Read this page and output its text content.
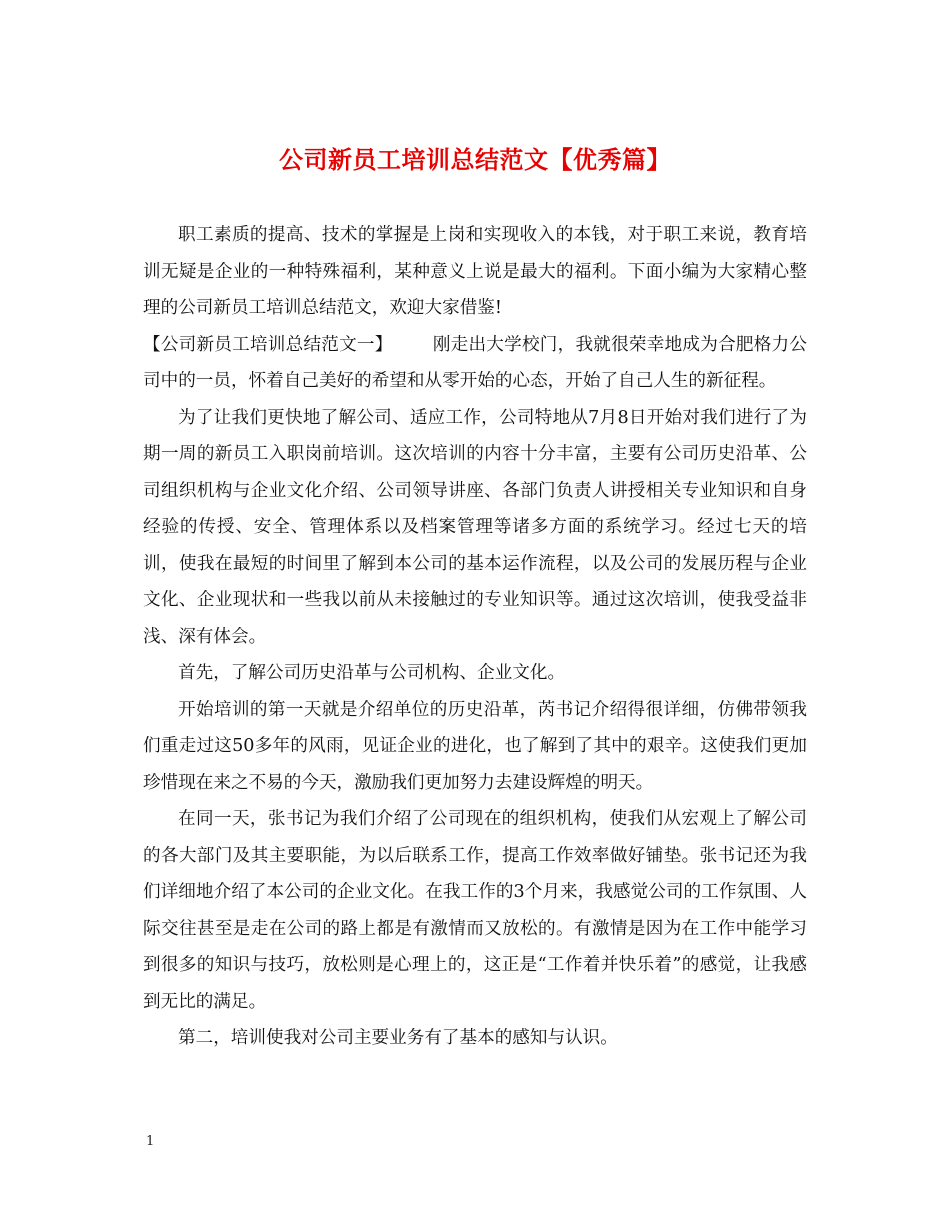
公司新员工培训总结范文【优秀篇】

职工素质的提高、技术的掌握是上岗和实现收入的本钱，对于职工来说，教育培训无疑是企业的一种特殊福利，某种意义上说是最大的福利。下面小编为大家精心整理的公司新员工培训总结范文，欢迎大家借鉴!

【公司新员工培训总结范文一】 刚走出大学校门，我就很荣幸地成为合肥格力公司中的一员，怀着自己美好的希望和从零开始的心态，开始了自己人生的新征程。

为了让我们更快地了解公司、适应工作，公司特地从7月8日开始对我们进行了为期一周的新员工入职岗前培训。这次培训的内容十分丰富，主要有公司历史沿革、公司组织机构与企业文化介绍、公司领导讲座、各部门负责人讲授相关专业知识和自身经验的传授、安全、管理体系以及档案管理等诸多方面的系统学习。经过七天的培训，使我在最短的时间里了解到本公司的基本运作流程，以及公司的发展历程与企业文化、企业现状和一些我以前从未接触过的专业知识等。通过这次培训，使我受益非浅、深有体会。

首先，了解公司历史沿革与公司机构、企业文化。

开始培训的第一天就是介绍单位的历史沿革，芮书记介绍得很详细，仿佛带领我们重走过这50多年的风雨，见证企业的进化，也了解到了其中的艰辛。这使我们更加珍惜现在来之不易的今天，激励我们更加努力去建设辉煌的明天。

在同一天，张书记为我们介绍了公司现在的组织机构，使我们从宏观上了解公司的各大部门及其主要职能，为以后联系工作，提高工作效率做好铺垫。张书记还为我们详细地介绍了本公司的企业文化。在我工作的3个月来，我感觉公司的工作氛围、人际交往甚至是走在公司的路上都是有激情而又放松的。有激情是因为在工作中能学习到很多的知识与技巧，放松则是心理上的，这正是“工作着并快乐着”的感觉，让我感到无比的满足。

第二，培训使我对公司主要业务有了基本的感知与认识。

1
